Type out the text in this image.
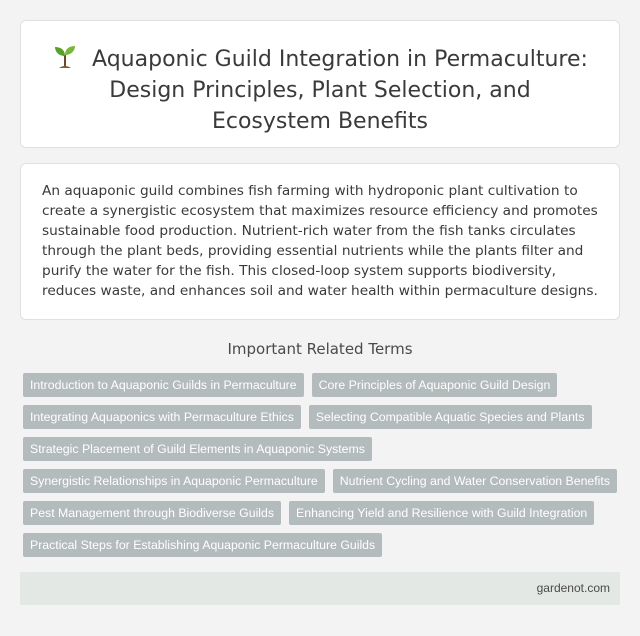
Aquaponic Guild Integration in Permaculture: Design Principles, Plant Selection, and Ecosystem Benefits

An aquaponic guild combines fish farming with hydroponic plant cultivation to create a synergistic ecosystem that maximizes resource efficiency and promotes sustainable food production. Nutrient-rich water from the fish tanks circulates through the plant beds, providing essential nutrients while the plants filter and purify the water for the fish. This closed-loop system supports biodiversity, reduces waste, and enhances soil and water health within permaculture designs.

Important Related Terms
Introduction to Aquaponic Guilds in Permaculture	Core Principles of Aquaponic Guild Design
Integrating Aquaponics with Permaculture Ethics	Selecting Compatible Aquatic Species and Plants
Strategic Placement of Guild Elements in Aquaponic Systems
Synergistic Relationships in Aquaponic Permaculture	Nutrient Cycling and Water Conservation Benefits
Pest Management through Biodiverse Guilds	Enhancing Yield and Resilience with Guild Integration
Practical Steps for Establishing Aquaponic Permaculture Guilds
gardenot.com
